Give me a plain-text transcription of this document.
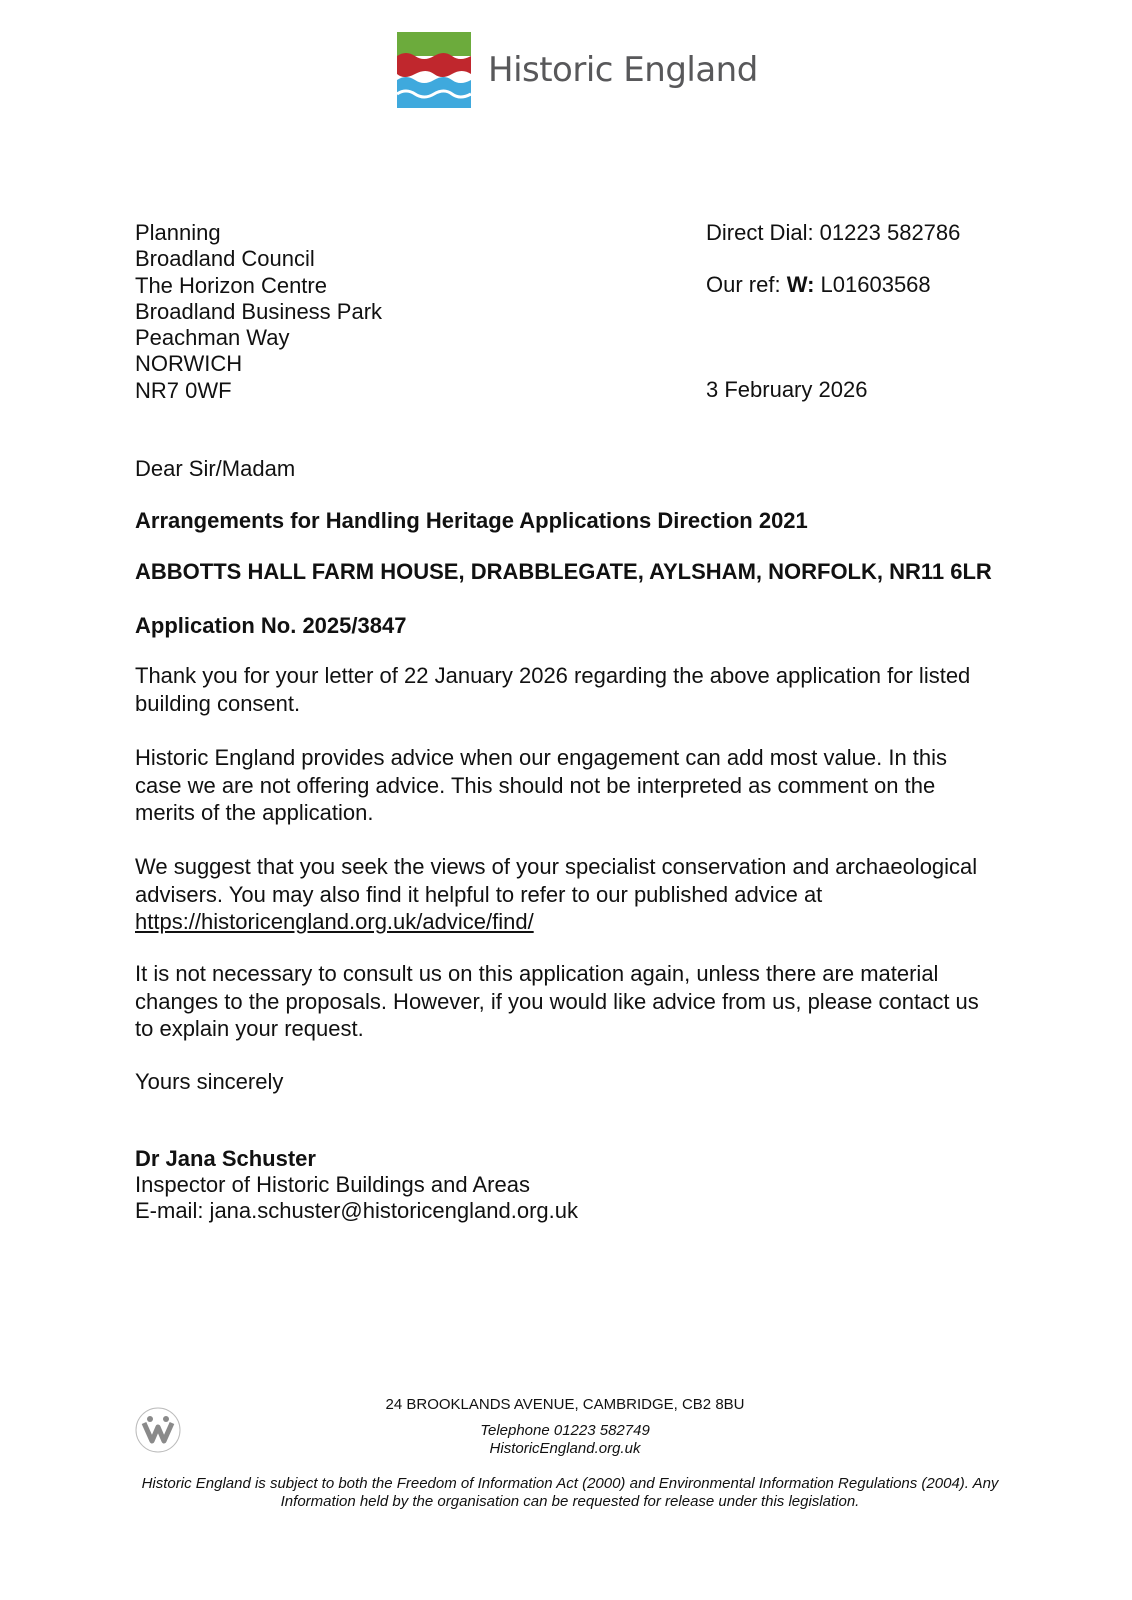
Historic England
Planning
Broadland Council
The Horizon Centre
Broadland Business Park
Peachman Way
NORWICH
NR7 0WF
Direct Dial: 01223 582786
Our ref: W: L01603568
3 February 2026
Dear Sir/Madam
Arrangements for Handling Heritage Applications Direction 2021
ABBOTTS HALL FARM HOUSE, DRABBLEGATE, AYLSHAM, NORFOLK, NR11 6LR
Application No. 2025/3847
Thank you for your letter of 22 January 2026 regarding the above application for listed building consent.
Historic England provides advice when our engagement can add most value. In this case we are not offering advice. This should not be interpreted as comment on the merits of the application.
We suggest that you seek the views of your specialist conservation and archaeological advisers. You may also find it helpful to refer to our published advice at
https://historicengland.org.uk/advice/find/
It is not necessary to consult us on this application again, unless there are material changes to the proposals. However, if you would like advice from us, please contact us to explain your request.
Yours sincerely
Dr Jana Schuster
Inspector of Historic Buildings and Areas
E-mail: jana.schuster@historicengland.org.uk
24 BROOKLANDS AVENUE, CAMBRIDGE, CB2 8BU
Telephone 01223 582749
HistoricEngland.org.uk
Historic England is subject to both the Freedom of Information Act (2000) and Environmental Information Regulations (2004). Any Information held by the organisation can be requested for release under this legislation.
